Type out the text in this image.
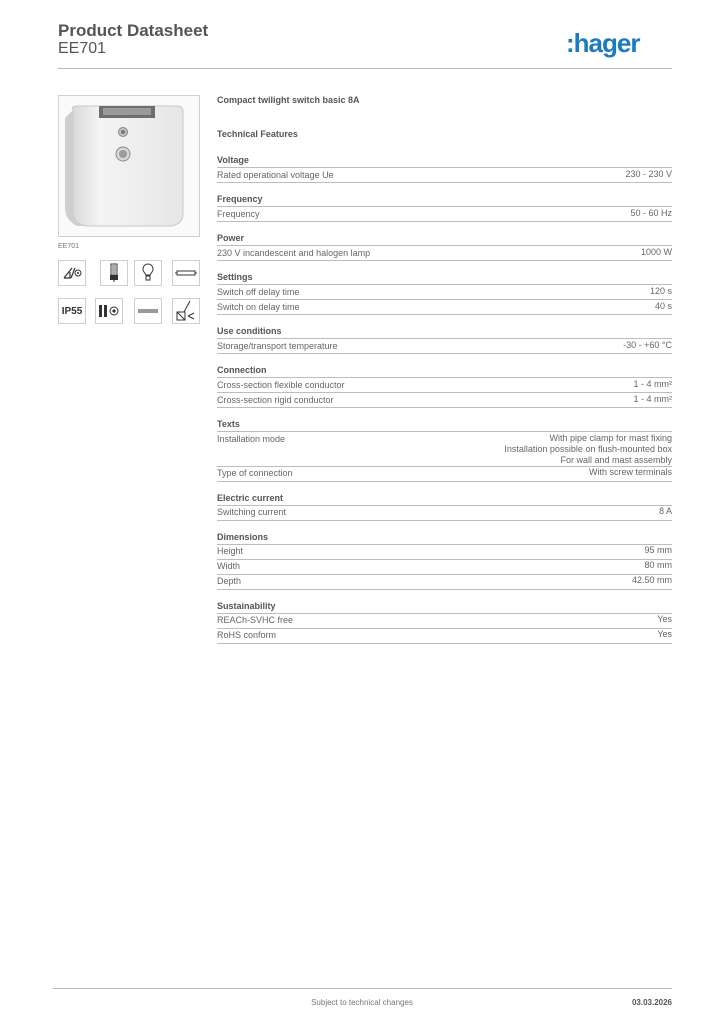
Product Datasheet
EE701	:hager
EE701
IP55
Compact twilight switch basic 8A
Technical Features
Voltage
Rated operational voltage Ue	230 - 230 V
Frequency
Frequency	50 - 60 Hz
Power
230 V incandescent and halogen lamp	1000 W
Settings
Switch off delay time	120 s
Switch on delay time	40 s
Use conditions
Storage/transport temperature	-30 - +60 °C
Connection
Cross-section flexible conductor	1 - 4 mm²
Cross-section rigid conductor	1 - 4 mm²
Texts
Installation mode	With pipe clamp for mast fixing
Installation possible on flush-mounted box
For wall and mast assembly
Type of connection	With screw terminals
Electric current
Switching current	8 A
Dimensions
Height	95 mm
Width	80 mm
Depth	42.50 mm
Sustainability
REACh-SVHC free	Yes
RoHS conform	Yes
Subject to technical changes	03.03.2026
